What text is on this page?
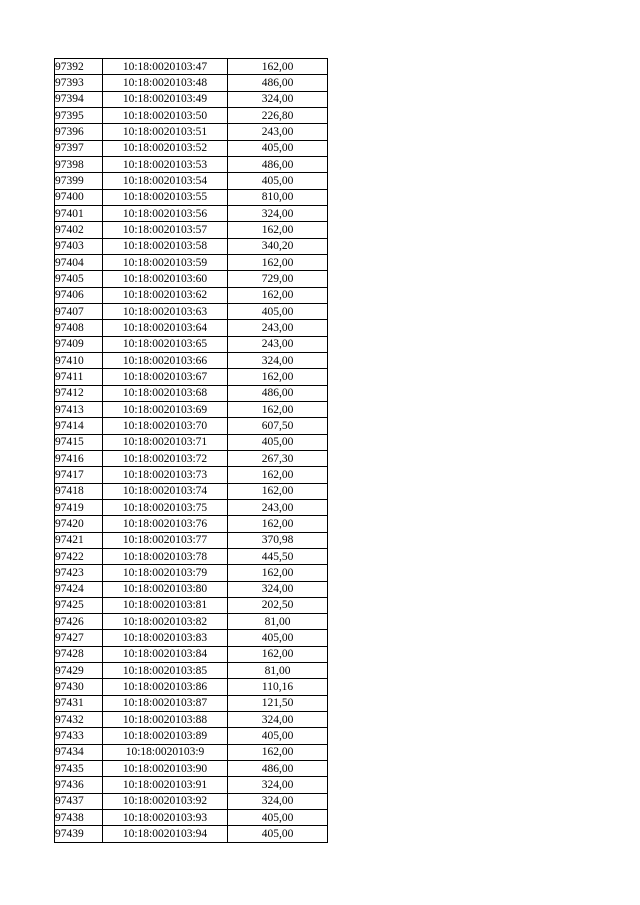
97392	10:18:0020103:47	162,00
97393	10:18:0020103:48	486,00
97394	10:18:0020103:49	324,00
97395	10:18:0020103:50	226,80
97396	10:18:0020103:51	243,00
97397	10:18:0020103:52	405,00
97398	10:18:0020103:53	486,00
97399	10:18:0020103:54	405,00
97400	10:18:0020103:55	810,00
97401	10:18:0020103:56	324,00
97402	10:18:0020103:57	162,00
97403	10:18:0020103:58	340,20
97404	10:18:0020103:59	162,00
97405	10:18:0020103:60	729,00
97406	10:18:0020103:62	162,00
97407	10:18:0020103:63	405,00
97408	10:18:0020103:64	243,00
97409	10:18:0020103:65	243,00
97410	10:18:0020103:66	324,00
97411	10:18:0020103:67	162,00
97412	10:18:0020103:68	486,00
97413	10:18:0020103:69	162,00
97414	10:18:0020103:70	607,50
97415	10:18:0020103:71	405,00
97416	10:18:0020103:72	267,30
97417	10:18:0020103:73	162,00
97418	10:18:0020103:74	162,00
97419	10:18:0020103:75	243,00
97420	10:18:0020103:76	162,00
97421	10:18:0020103:77	370,98
97422	10:18:0020103:78	445,50
97423	10:18:0020103:79	162,00
97424	10:18:0020103:80	324,00
97425	10:18:0020103:81	202,50
97426	10:18:0020103:82	81,00
97427	10:18:0020103:83	405,00
97428	10:18:0020103:84	162,00
97429	10:18:0020103:85	81,00
97430	10:18:0020103:86	110,16
97431	10:18:0020103:87	121,50
97432	10:18:0020103:88	324,00
97433	10:18:0020103:89	405,00
97434	10:18:0020103:9	162,00
97435	10:18:0020103:90	486,00
97436	10:18:0020103:91	324,00
97437	10:18:0020103:92	324,00
97438	10:18:0020103:93	405,00
97439	10:18:0020103:94	405,00
